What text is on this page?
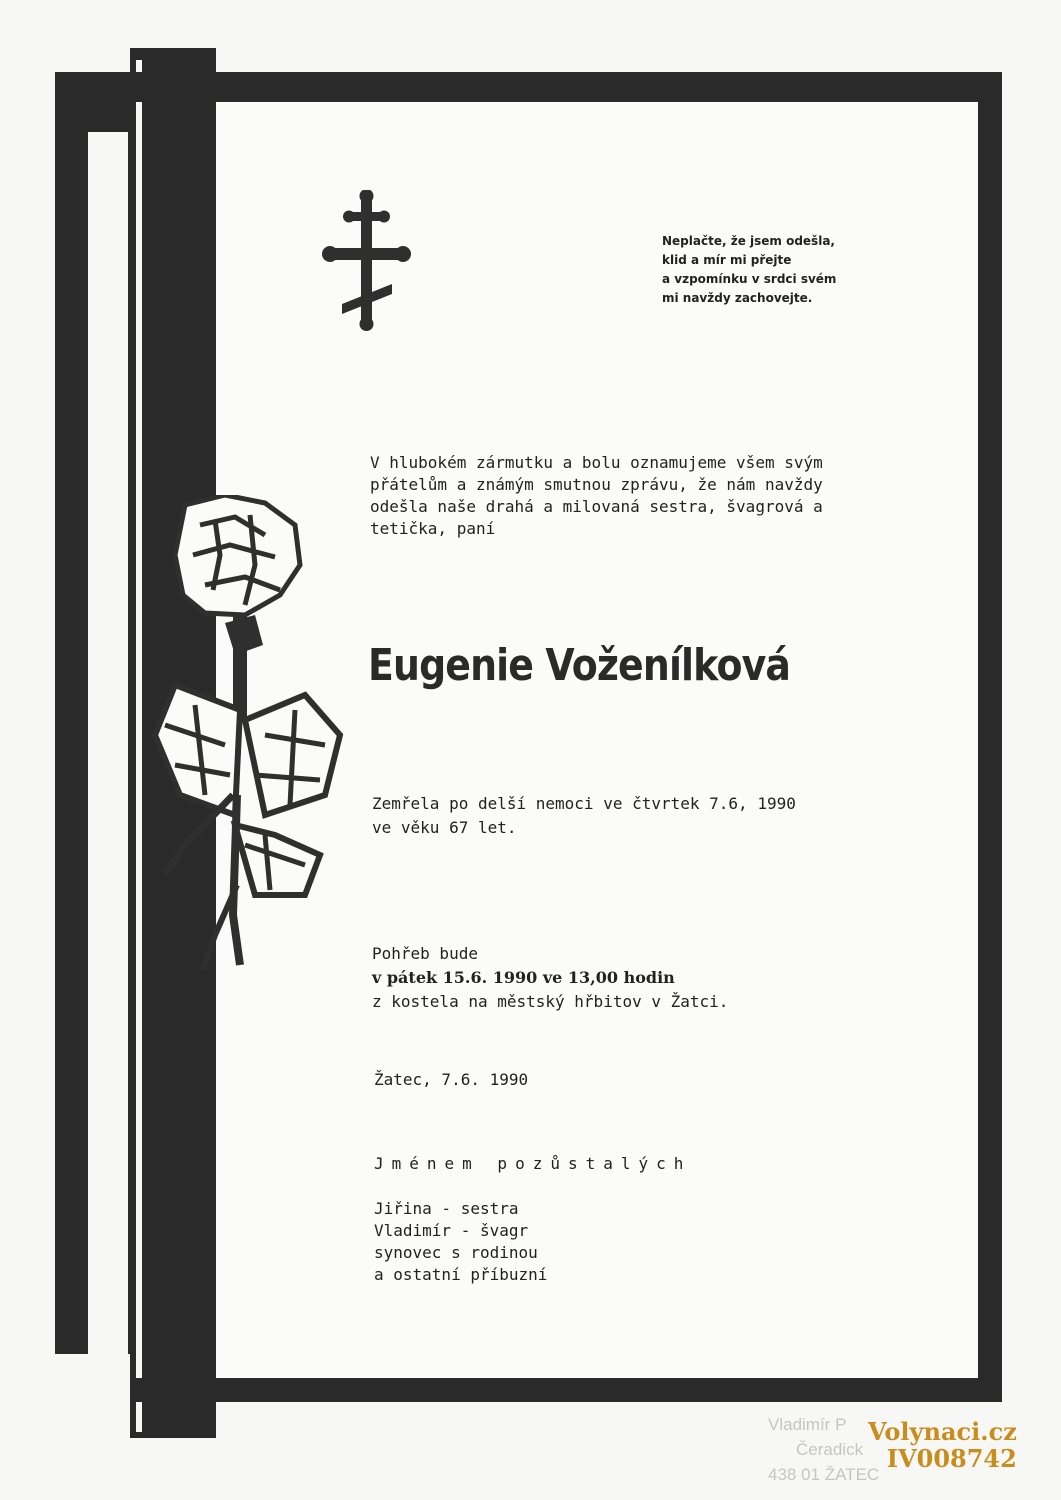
Neplačte, že jsem odešla,
klid a mír mi přejte
a vzpomínku v srdci svém
mi navždy zachovejte.
V hlubokém zármutku a bolu oznamujeme všem svým
přátelům a známým smutnou zprávu, že nám navždy
odešla naše drahá a milovaná sestra, švagrová a
tetička, paní
Eugenie Voženílková
Zemřela po delší nemoci ve čtvrtek 7.6, 1990
ve věku 67 let.
Pohřeb bude
v pátek 15.6. 1990 ve 13,00 hodin
z kostela na městský hřbitov v Žatci.
Žatec, 7.6. 1990
Jménem pozůstalých
Jiřina - sestra
Vladimír - švagr
synovec s rodinou
a ostatní příbuzní
Vladimír P
Čeradick
438 01 ŽATEC
Volynaci.cz
IV008742
